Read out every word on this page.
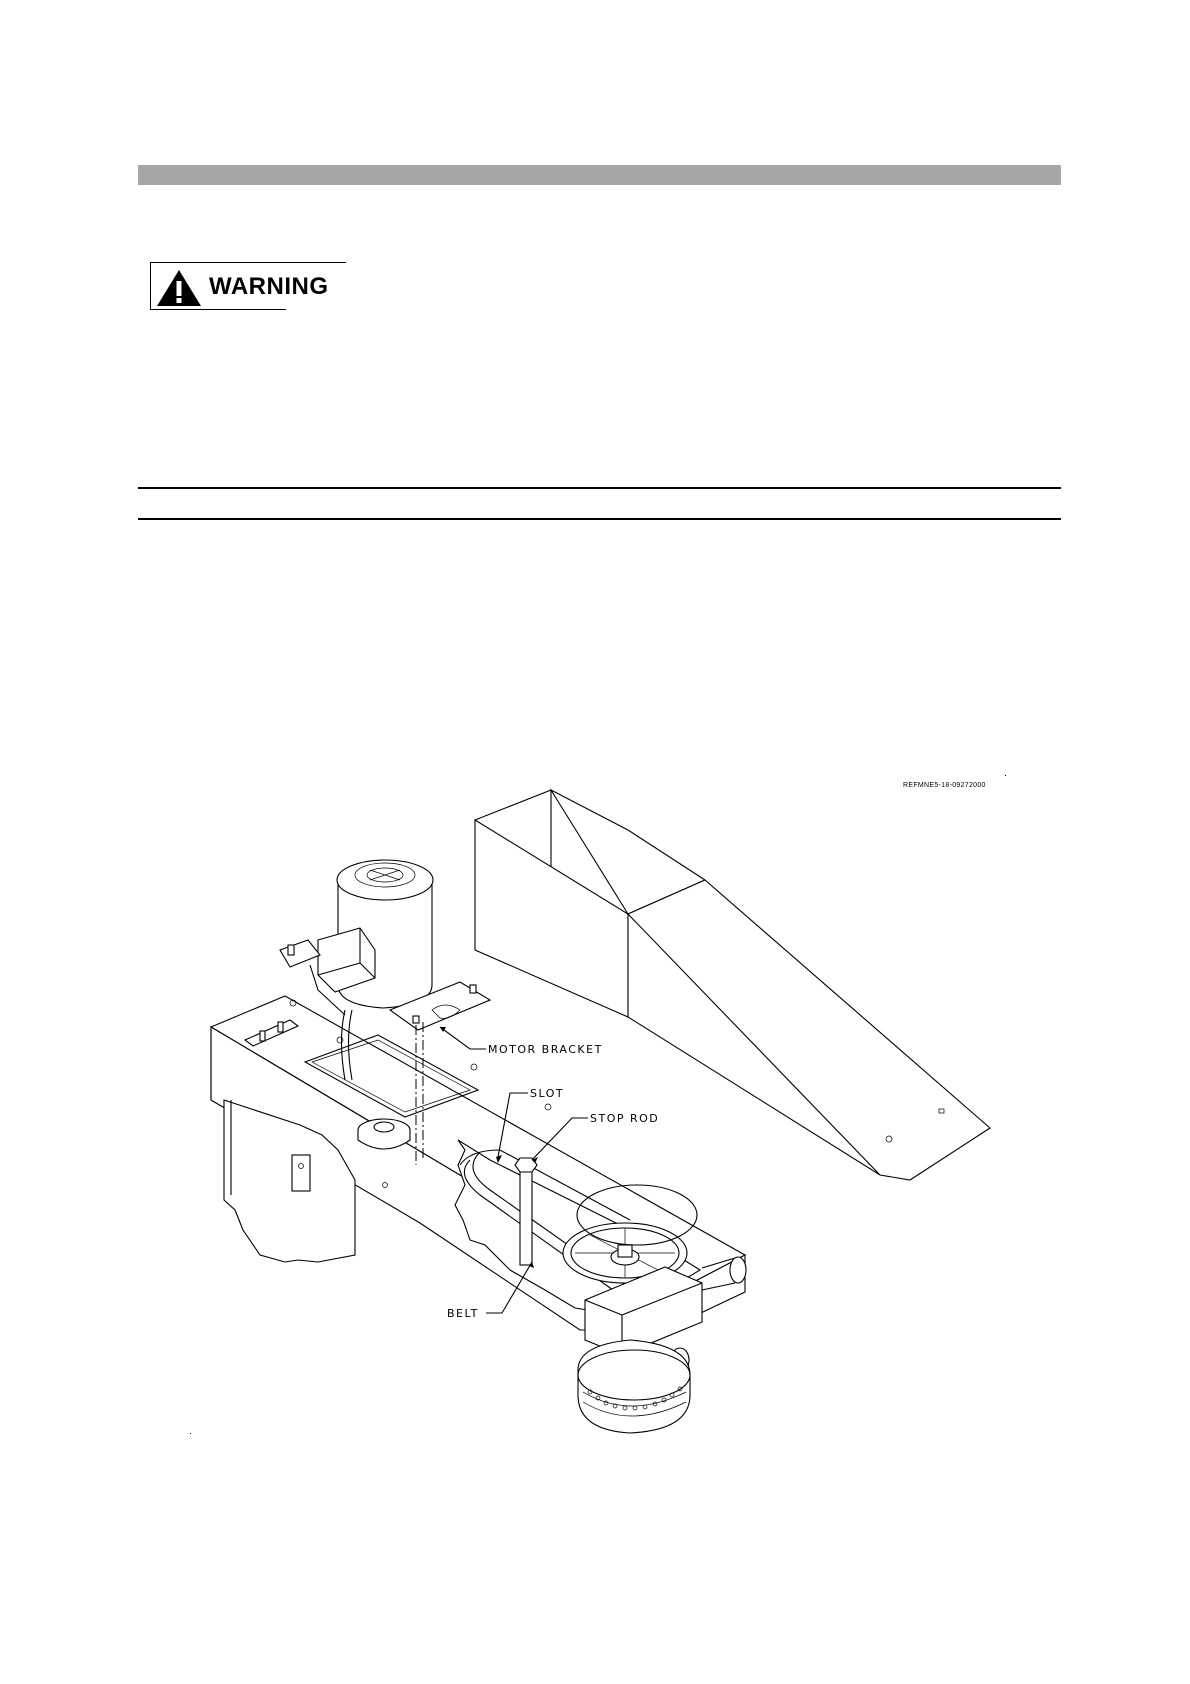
WARNING
REFMNE5-18-09272000
MOTOR BRACKET
SLOT
STOP ROD
BELT
